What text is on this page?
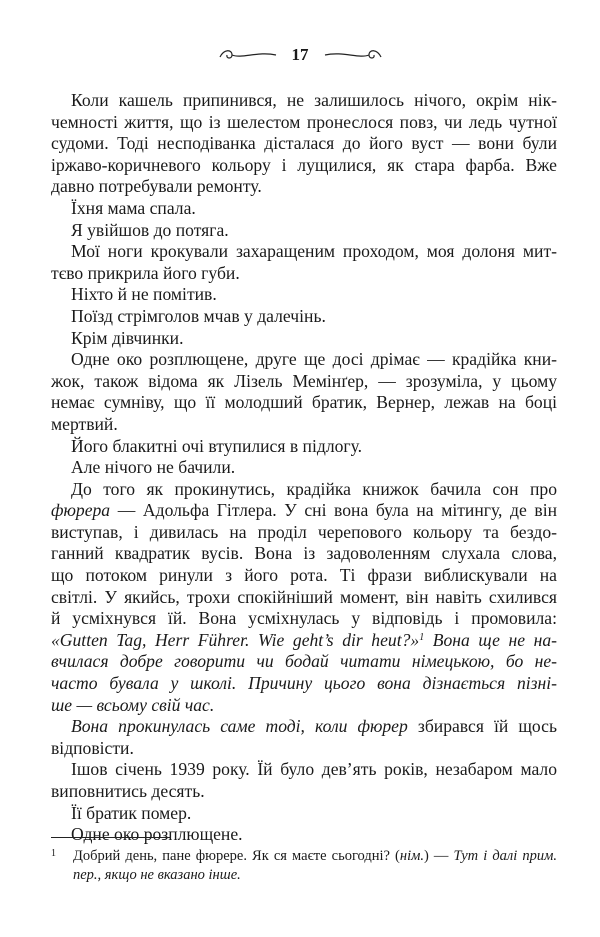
17

Коли кашель припинився, не залишилось нічого, окрім нік-
чемності життя, що із шелестом пронеслося повз, чи ледь чутної
судоми. Тоді несподіванка дісталася до його вуст — вони були
іржаво-коричневого кольору і лущилися, як стара фарба. Вже
давно потребували ремонту.

Їхня мама спала.

Я увійшов до потяга.

Мої ноги крокували захаращеним проходом, моя долоня мит-
тєво прикрила його губи.

Ніхто й не помітив.

Поїзд стрімголов мчав у далечінь.

Крім дівчинки.

Одне око розплющене, друге ще досі дрімає — крадійка кни-
жок, також відома як Лізель Мемінґер, — зрозуміла, у цьому
немає сумніву, що її молодший братик, Вернер, лежав на боці
мертвий.

Його блакитні очі втупилися в підлогу.

Але нічого не бачили.

До того як прокинутись, крадійка книжок бачила сон про
фюрера — Адольфа Гітлера. У сні вона була на мітингу, де він
виступав, і дивилась на проділ черепового кольору та бездо-
ганний квадратик вусів. Вона із задоволенням слухала слова,
що потоком ринули з його рота. Ті фрази виблискували на
світлі. У якийсь, трохи спокійніший момент, він навіть схилився
й усміхнувся їй. Вона усміхнулась у відповідь і промовила:
«Gutten Tag, Herr Führer. Wie geht’s dir heut?»$^1$ Вона ще не на-
вчилася добре говорити чи бодай читати німецькою, бо не-
часто бувала у школі. Причину цього вона дізнається пізні-
ше — всьому свій час.

Вона прокинулась саме тоді, коли фюрер збирався їй щось
відповісти.

Ішов січень 1939 року. Їй було дев’ять років, незабаром мало
виповнитись десять.

Її братик помер.

Одне око розплющене.

1 Добрий день, пане фюрере. Як ся маєте сьогодні? (нім.) — Тут і далі прим. пер., якщо не вказано інше.
